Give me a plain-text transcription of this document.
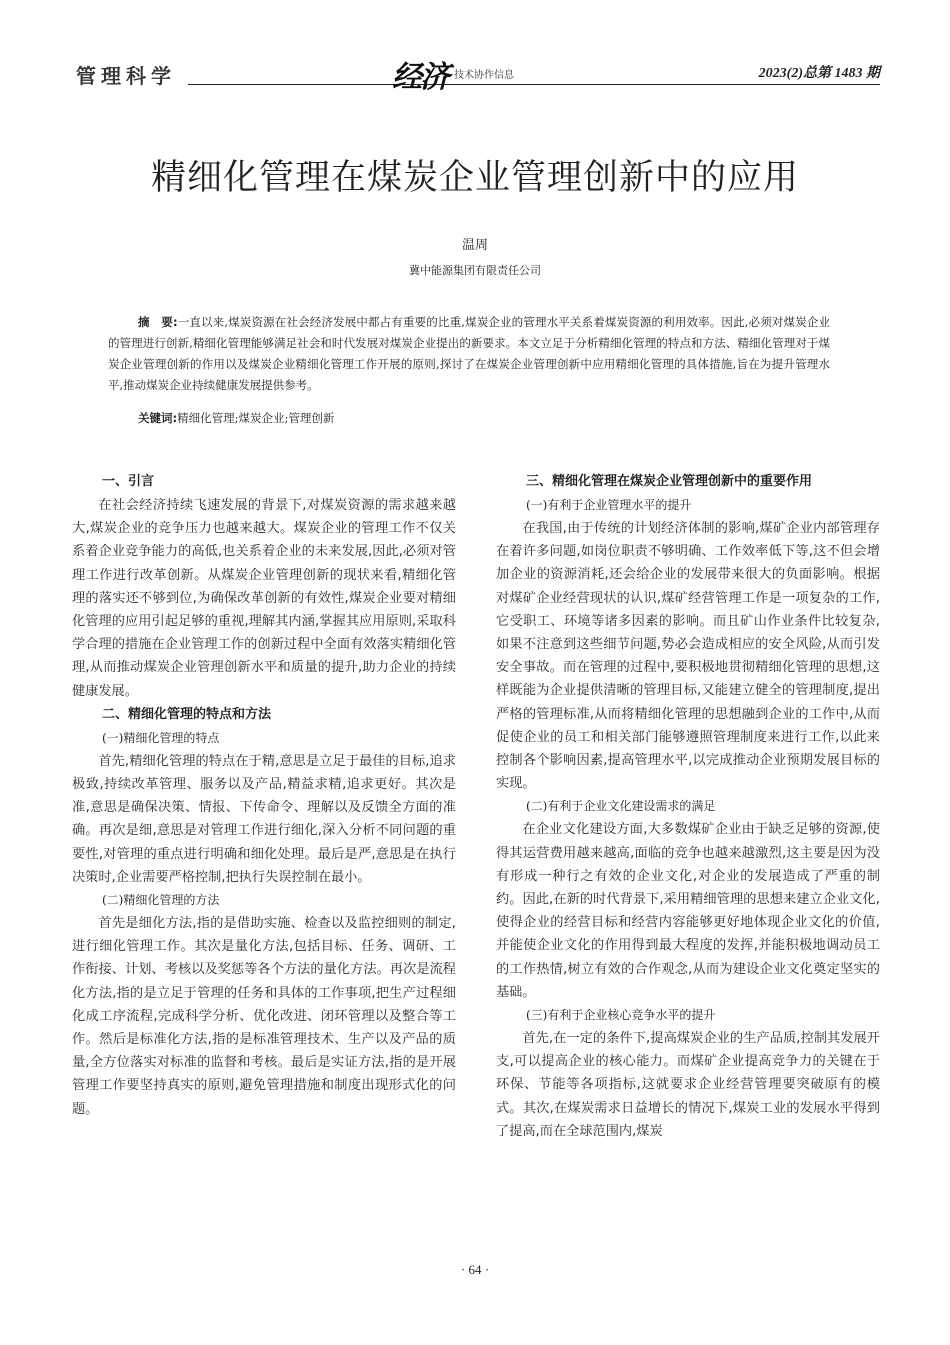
管理科学	经济 技术协作信息	2023(2)总第 1483 期
精细化管理在煤炭企业管理创新中的应用
温周
冀中能源集团有限责任公司
摘　要:一直以来,煤炭资源在社会经济发展中都占有重要的比重,煤炭企业的管理水平关系着煤炭资源的利用效率。因此,必须对煤炭企业的管理进行创新,精细化管理能够满足社会和时代发展对煤炭企业提出的新要求。本文立足于分析精细化管理的特点和方法、精细化管理对于煤炭企业管理创新的作用以及煤炭企业精细化管理工作开展的原则,探讨了在煤炭企业管理创新中应用精细化管理的具体措施,旨在为提升管理水平,推动煤炭企业持续健康发展提供参考。
关键词:精细化管理;煤炭企业;管理创新
一、引言

在社会经济持续飞速发展的背景下,对煤炭资源的需求越来越大,煤炭企业的竞争压力也越来越大。煤炭企业的管理工作不仅关系着企业竞争能力的高低,也关系着企业的未来发展,因此,必须对管理工作进行改革创新。从煤炭企业管理创新的现状来看,精细化管理的落实还不够到位,为确保改革创新的有效性,煤炭企业要对精细化管理的应用引起足够的重视,理解其内涵,掌握其应用原则,采取科学合理的措施在企业管理工作的创新过程中全面有效落实精细化管理,从而推动煤炭企业管理创新水平和质量的提升,助力企业的持续健康发展。

二、精细化管理的特点和方法
(一)精细化管理的特点

首先,精细化管理的特点在于精,意思是立足于最佳的目标,追求极致,持续改革管理、服务以及产品,精益求精,追求更好。其次是准,意思是确保决策、情报、下传命令、理解以及反馈全方面的准确。再次是细,意思是对管理工作进行细化,深入分析不同问题的重要性,对管理的重点进行明确和细化处理。最后是严,意思是在执行决策时,企业需要严格控制,把执行失误控制在最小。

(二)精细化管理的方法

首先是细化方法,指的是借助实施、检查以及监控细则的制定,进行细化管理工作。其次是量化方法,包括目标、任务、调研、工作衔接、计划、考核以及奖惩等各个方法的量化方法。再次是流程化方法,指的是立足于管理的任务和具体的工作事项,把生产过程细化成工序流程,完成科学分析、优化改进、闭环管理以及整合等工作。然后是标准化方法,指的是标准管理技术、生产以及产品的质量,全方位落实对标准的监督和考核。最后是实证方法,指的是开展管理工作要坚持真实的原则,避免管理措施和制度出现形式化的问题。

三、精细化管理在煤炭企业管理创新中的重要作用
(一)有利于企业管理水平的提升

在我国,由于传统的计划经济体制的影响,煤矿企业内部管理存在着许多问题,如岗位职责不够明确、工作效率低下等,这不但会增加企业的资源消耗,还会给企业的发展带来很大的负面影响。根据对煤矿企业经营现状的认识,煤矿经营管理工作是一项复杂的工作,它受职工、环境等诸多因素的影响。而且矿山作业条件比较复杂,如果不注意到这些细节问题,势必会造成相应的安全风险,从而引发安全事故。而在管理的过程中,要积极地贯彻精细化管理的思想,这样既能为企业提供清晰的管理目标,又能建立健全的管理制度,提出严格的管理标准,从而将精细化管理的思想融到企业的工作中,从而促使企业的员工和相关部门能够遵照管理制度来进行工作,以此来控制各个影响因素,提高管理水平,以完成推动企业预期发展目标的实现。

(二)有利于企业文化建设需求的满足

在企业文化建设方面,大多数煤矿企业由于缺乏足够的资源,使得其运营费用越来越高,面临的竞争也越来越激烈,这主要是因为没有形成一种行之有效的企业文化,对企业的发展造成了严重的制约。因此,在新的时代背景下,采用精细管理的思想来建立企业文化,使得企业的经营目标和经营内容能够更好地体现企业文化的价值,并能使企业文化的作用得到最大程度的发挥,并能积极地调动员工的工作热情,树立有效的合作观念,从而为建设企业文化奠定坚实的基础。

(三)有利于企业核心竞争水平的提升

首先,在一定的条件下,提高煤炭企业的生产品质,控制其发展开支,可以提高企业的核心能力。而煤矿企业提高竞争力的关键在于环保、节能等各项指标,这就要求企业经营管理要突破原有的模式。其次,在煤炭需求日益增长的情况下,煤炭工业的发展水平得到了提高,而在全球范围内,煤炭

· 64 ·
